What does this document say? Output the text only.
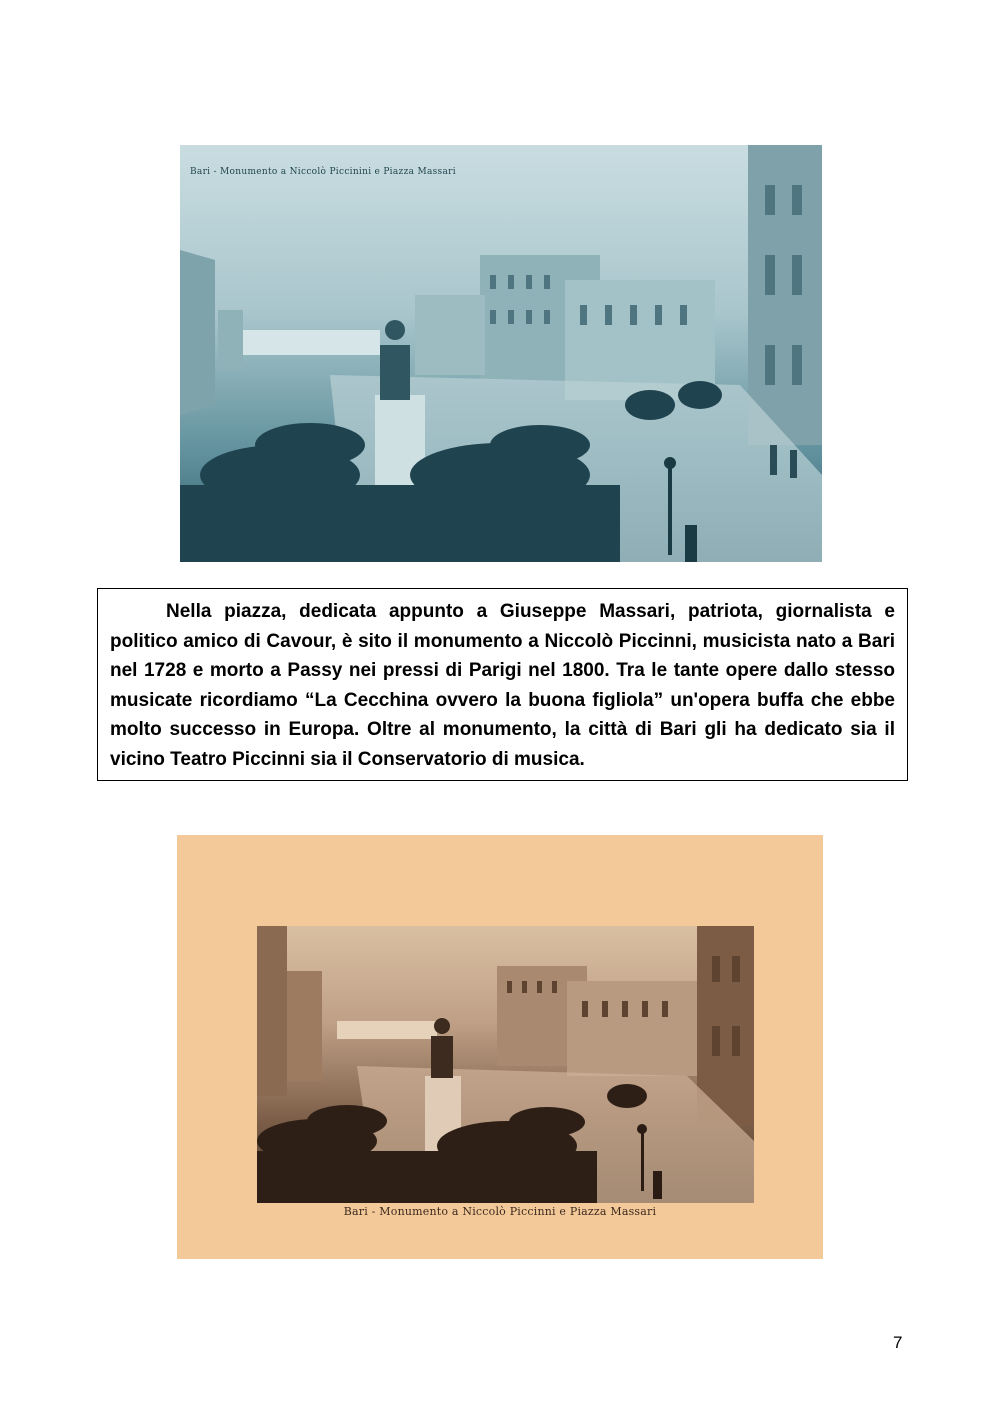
Bari - Monumento a Niccolò Piccinini e Piazza Massari

Nella piazza, dedicata appunto a Giuseppe Massari, patriota, giornalista e politico amico di Cavour, è sito il monumento a Niccolò Piccinni, musicista nato a Bari nel 1728 e morto a Passy nei pressi di Parigi nel 1800. Tra le tante opere dallo stesso musicate ricordiamo “La Cecchina ovvero la buona figliola” un'opera buffa che ebbe molto successo in Europa. Oltre al monumento, la città di Bari gli ha dedicato sia il vicino Teatro Piccinni sia il Conservatorio di musica.

Bari - Monumento a Niccolò Piccinni e Piazza Massari
7
